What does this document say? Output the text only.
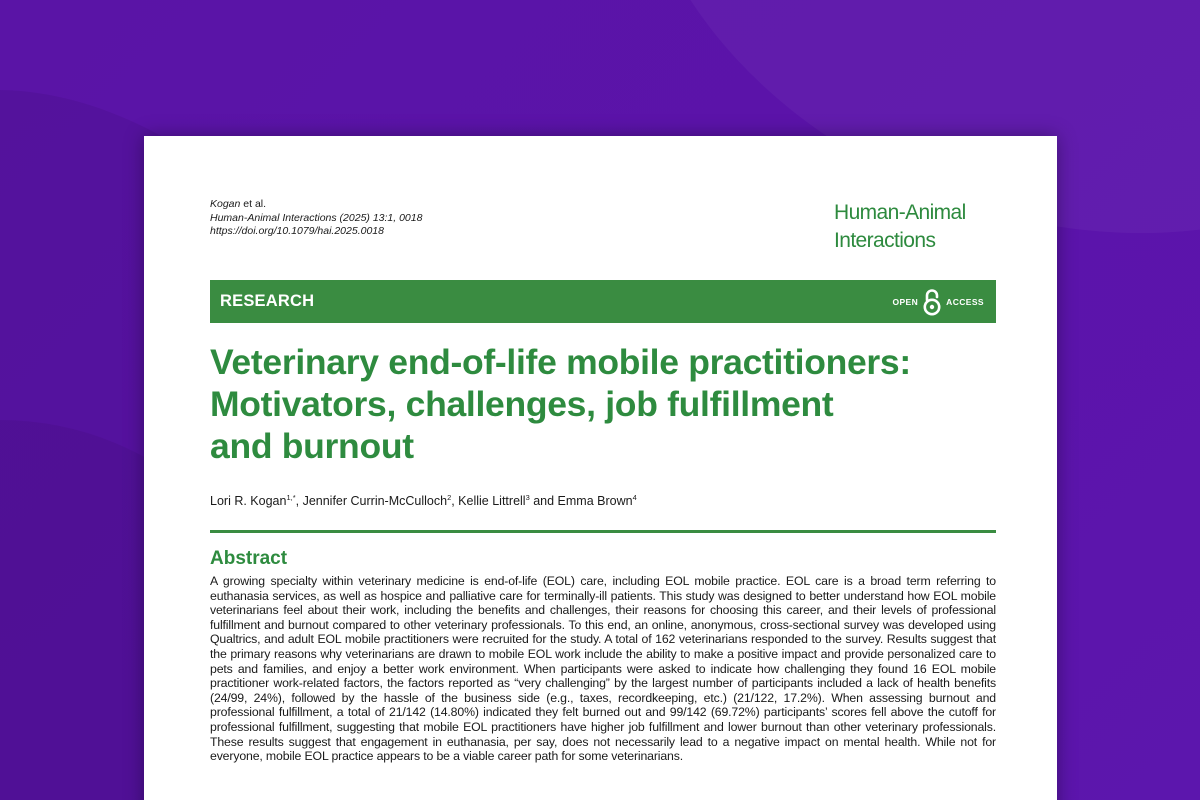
Kogan et al.
Human-Animal Interactions (2025) 13:1, 0018
https://doi.org/10.1079/hai.2025.0018
Human-Animal
Interactions
RESEARCH	OPEN	ACCESS
Veterinary end-of-life mobile practitioners:
Motivators, challenges, job fulfillment
and burnout
Lori R. Kogan$^{1,*}$, Jennifer Currin-McCulloch$^2$, Kellie Littrell$^3$ and Emma Brown$^4$
Abstract

A growing specialty within veterinary medicine is end-of-life (EOL) care, including EOL mobile practice. EOL care is a broad term referring to euthanasia services, as well as hospice and palliative care for terminally-ill patients. This study was designed to better understand how EOL mobile veterinarians feel about their work, including the benefits and challenges, their reasons for choosing this career, and their levels of professional fulfillment and burnout compared to other veterinary professionals. To this end, an online, anonymous, cross-sectional survey was developed using Qualtrics, and adult EOL mobile practitioners were recruited for the study. A total of 162 veterinarians responded to the survey. Results suggest that the primary reasons why veterinarians are drawn to mobile EOL work include the ability to make a positive impact and provide personalized care to pets and families, and enjoy a better work environment. When participants were asked to indicate how challenging they found 16 EOL mobile practitioner work-related factors, the factors reported as “very challenging” by the largest number of participants included a lack of health benefits (24/99, 24%), followed by the hassle of the business side (e.g., taxes, recordkeeping, etc.) (21/122, 17.2%). When assessing burnout and professional fulfillment, a total of 21/142 (14.80%) indicated they felt burned out and 99/142 (69.72%) participants’ scores fell above the cutoff for professional fulfillment, suggesting that mobile EOL practitioners have higher job fulfillment and lower burnout than other veterinary professionals. These results suggest that engagement in euthanasia, per say, does not necessarily lead to a negative impact on mental health. While not for everyone, mobile EOL practice appears to be a viable career path for some veterinarians.
